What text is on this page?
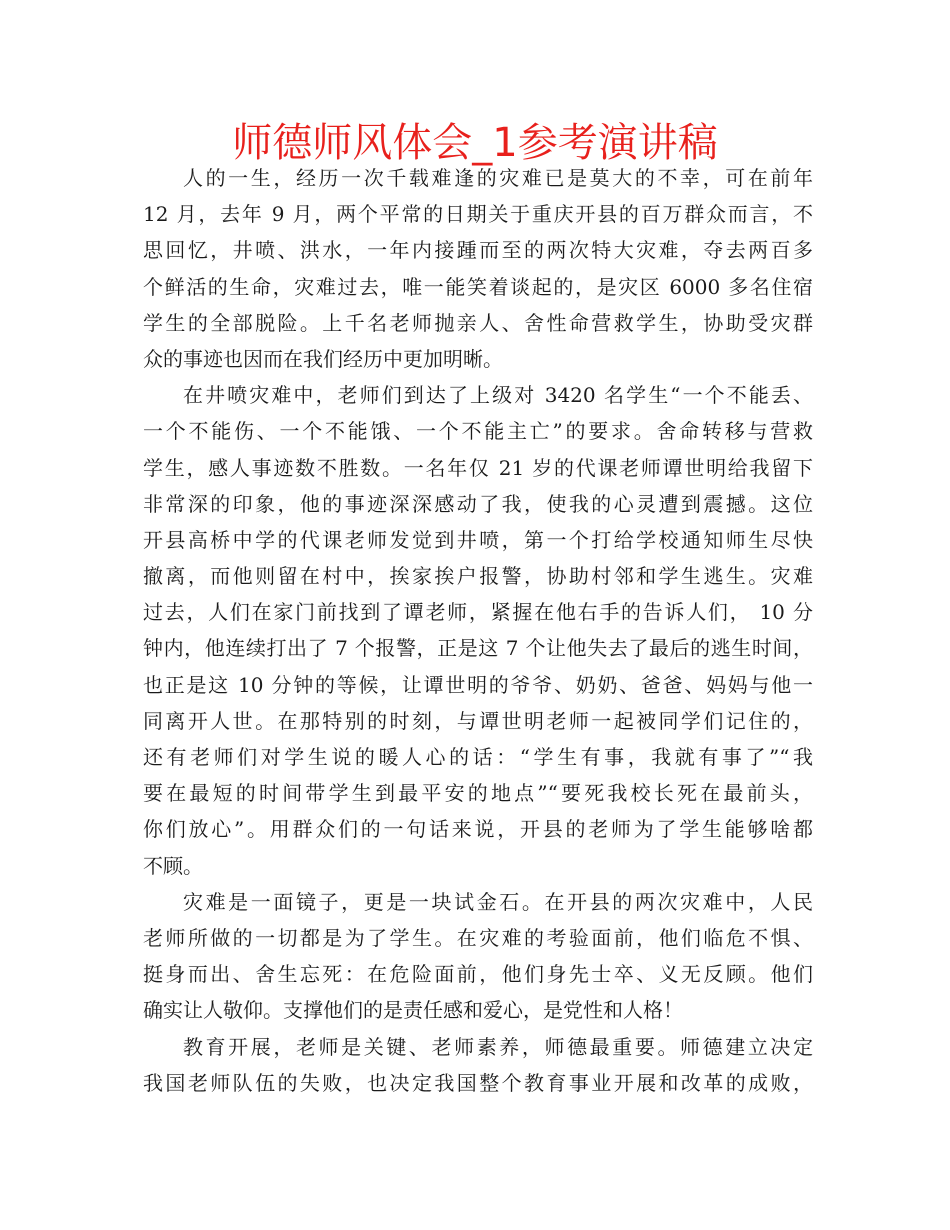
师德师风体会_1参考演讲稿
人的一生，经历一次千载难逢的灾难已是莫大的不幸，可在前年
12 月，去年 9 月，两个平常的日期关于重庆开县的百万群众而言，不
思回忆，井喷、洪水，一年内接踵而至的两次特大灾难，夺去两百多
个鲜活的生命，灾难过去，唯一能笑着谈起的，是灾区 6000 多名住宿
学生的全部脱险。上千名老师抛亲人、舍性命营救学生，协助受灾群
众的事迹也因而在我们经历中更加明晰。
在井喷灾难中，老师们到达了上级对 3420 名学生“一个不能丢、
一个不能伤、一个不能饿、一个不能主亡”的要求。舍命转移与营救
学生，感人事迹数不胜数。一名年仅 21 岁的代课老师谭世明给我留下
非常深的印象，他的事迹深深感动了我，使我的心灵遭到震撼。这位
开县高桥中学的代课老师发觉到井喷，第一个打给学校通知师生尽快
撤离，而他则留在村中，挨家挨户报警，协助村邻和学生逃生。灾难
过去，人们在家门前找到了谭老师，紧握在他右手的告诉人们， 10 分
钟内，他连续打出了 7 个报警，正是这 7 个让他失去了最后的逃生时间，
也正是这 10 分钟的等候，让谭世明的爷爷、奶奶、爸爸、妈妈与他一
同离开人世。在那特别的时刻，与谭世明老师一起被同学们记住的，
还有老师们对学生说的暖人心的话：“学生有事，我就有事了”“我
要在最短的时间带学生到最平安的地点”“要死我校长死在最前头，
你们放心”。用群众们的一句话来说，开县的老师为了学生能够啥都
不顾。
灾难是一面镜子，更是一块试金石。在开县的两次灾难中，人民
老师所做的一切都是为了学生。在灾难的考验面前，他们临危不惧、
挺身而出、舍生忘死：在危险面前，他们身先士卒、义无反顾。他们
确实让人敬仰。支撑他们的是责任感和爱心，是党性和人格！
教育开展，老师是关键、老师素养，师德最重要。师德建立决定
我国老师队伍的失败，也决定我国整个教育事业开展和改革的成败，
